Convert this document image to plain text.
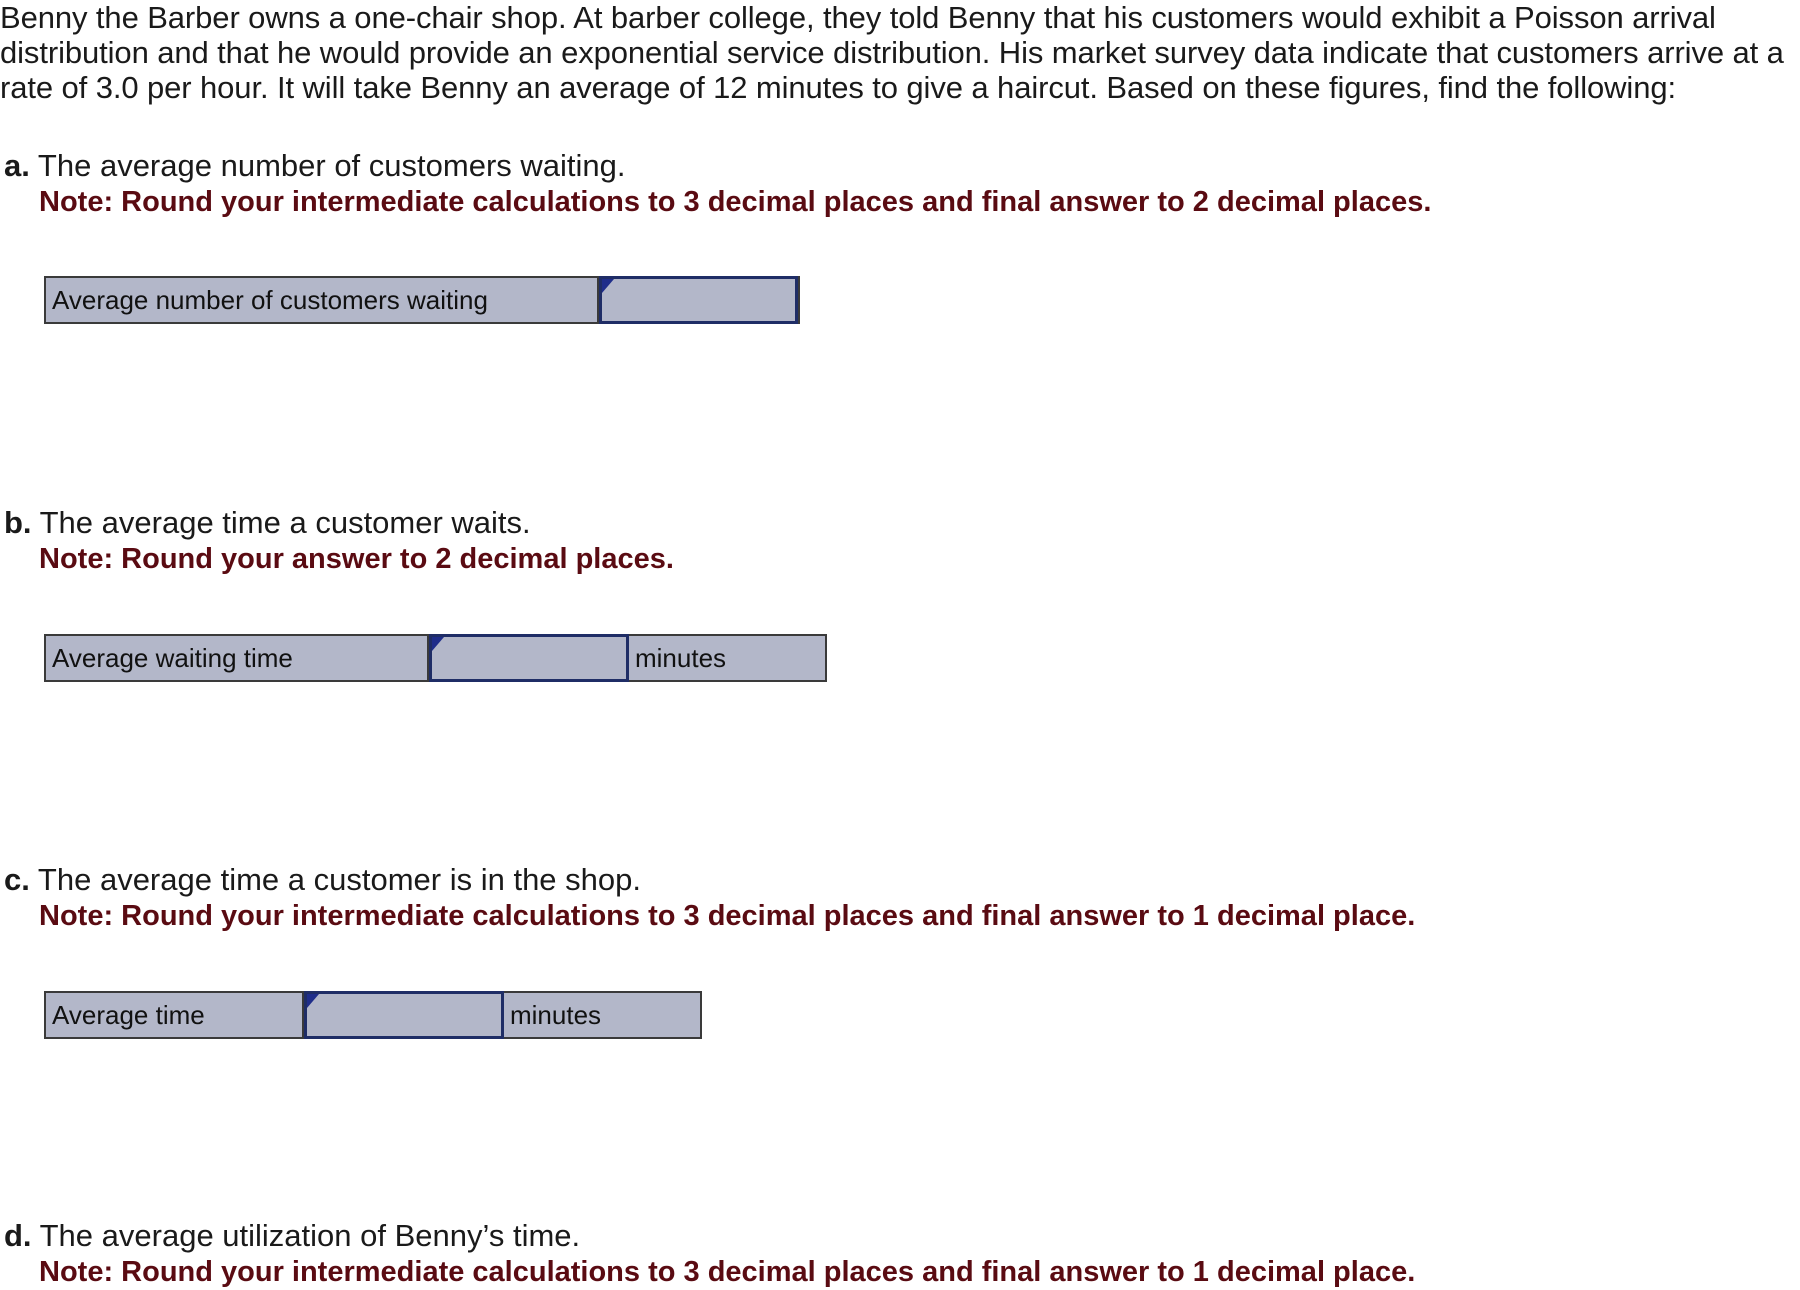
Benny the Barber owns a one-chair shop. At barber college, they told Benny that his customers would exhibit a Poisson arrival distribution and that he would provide an exponential service distribution. His market survey data indicate that customers arrive at a rate of 3.0 per hour. It will take Benny an average of 12 minutes to give a haircut. Based on these figures, find the following:

a. The average number of customers waiting.

Note: Round your intermediate calculations to 3 decimal places and final answer to 2 decimal places.

Average number of customers waiting

b. The average time a customer waits.

Note: Round your answer to 2 decimal places.

Average waiting time	minutes

c. The average time a customer is in the shop.

Note: Round your intermediate calculations to 3 decimal places and final answer to 1 decimal place.

Average time	minutes

d. The average utilization of Benny’s time.

Note: Round your intermediate calculations to 3 decimal places and final answer to 1 decimal place.
